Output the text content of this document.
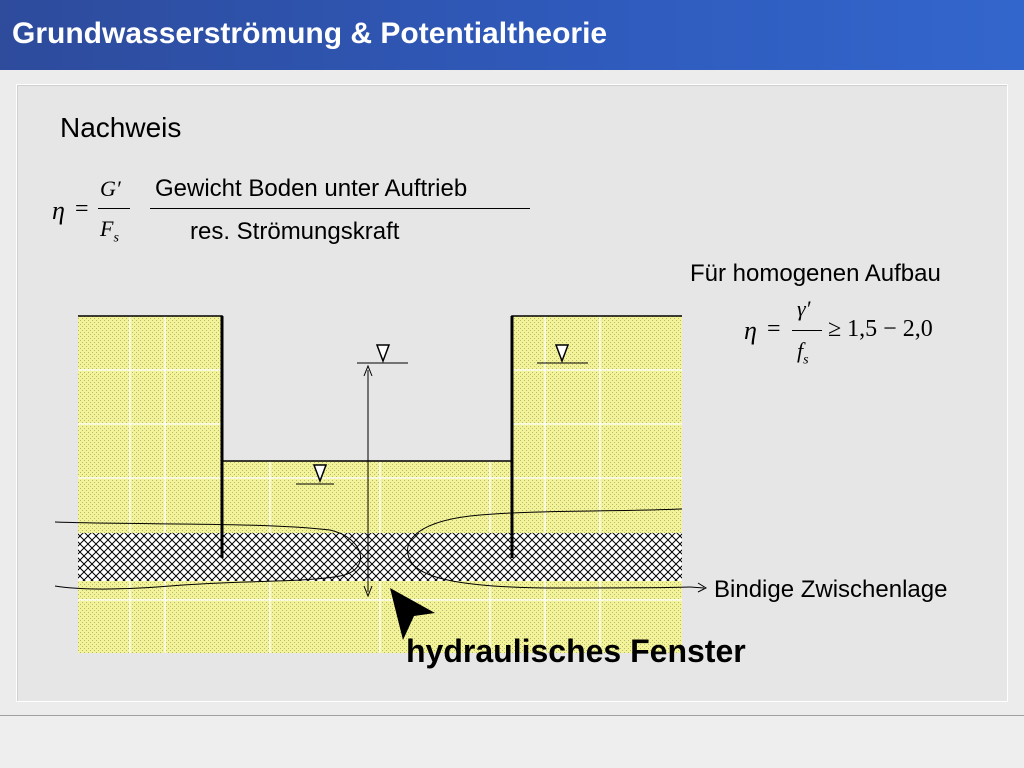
Grundwasserströmung & Potentialtheorie
Nachweis
η =
G′
$F_s$
Gewicht Boden unter Auftrieb
res. Strömungskraft
Für homogenen Aufbau
η =
γ′
$f_s$
≥ 1,5 − 2,0
Bindige Zwischenlage
hydraulisches Fenster
